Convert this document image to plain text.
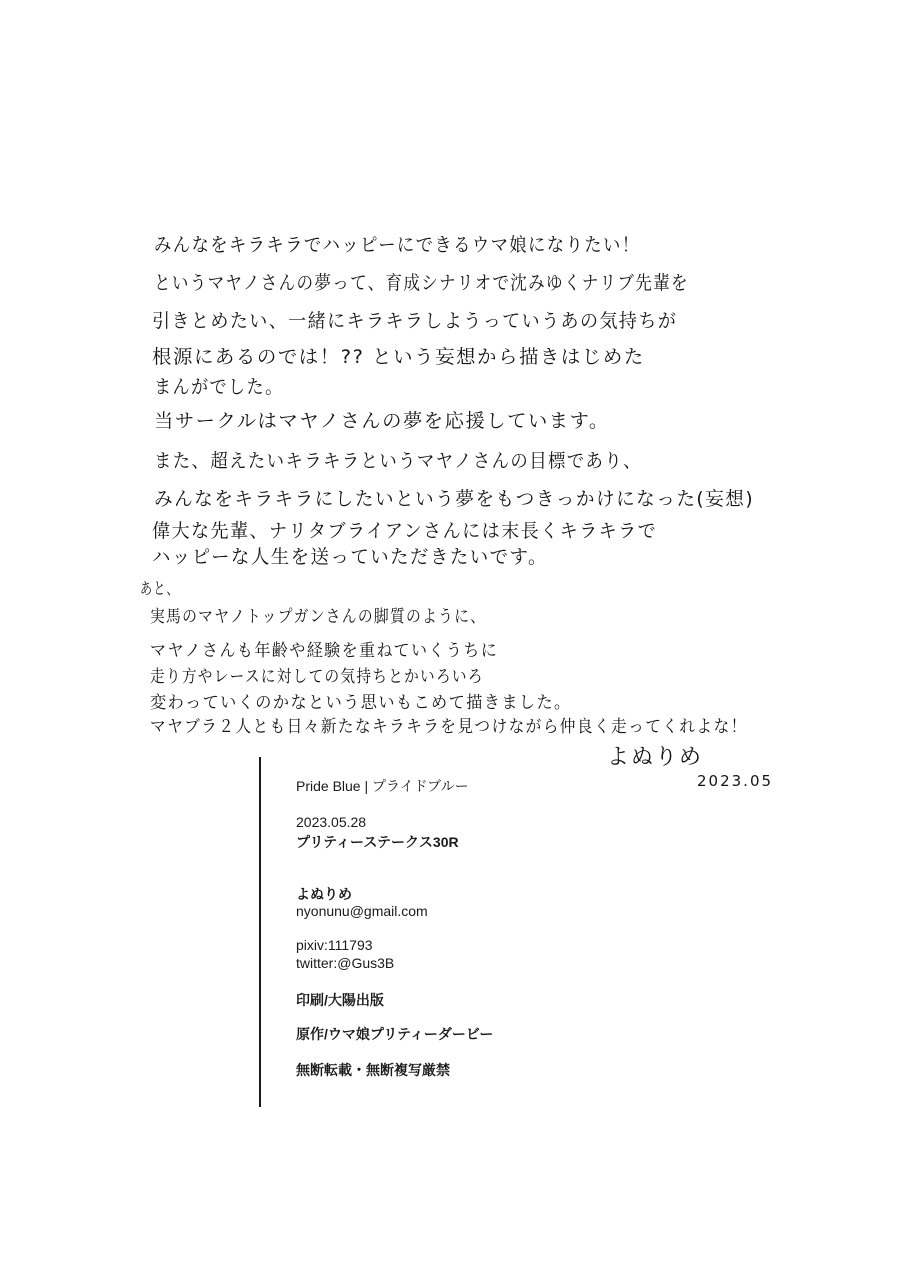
みんなをキラキラでハッピーにできるウマ娘になりたい！
というマヤノさんの夢って、育成シナリオで沈みゆくナリブ先輩を
引きとめたい、一緒にキラキラしようっていうあの気持ちが
根源にあるのでは！?? という妄想から描きはじめた
まんがでした。
当サークルはマヤノさんの夢を応援しています。
また、超えたいキラキラというマヤノさんの目標であり、
みんなをキラキラにしたいという夢をもつきっかけになった(妄想)
偉大な先輩、ナリタブライアンさんには末長くキラキラで
ハッピーな人生を送っていただきたいです。
あと、
実馬のマヤノトップガンさんの脚質のように、
マヤノさんも年齢や経験を重ねていくうちに
走り方やレースに対しての気持ちとかいろいろ
変わっていくのかなという思いもこめて描きました。
マヤブラ２人とも日々新たなキラキラを見つけながら仲良く走ってくれよな！
よぬりめ
2023.05
Pride Blue | プライドブルー
2023.05.28
プリティーステークス30R
よぬりめ
nyonunu@gmail.com
pixiv:111793
twitter:@Gus3B
印刷/大陽出版
原作/ウマ娘プリティーダービー
無断転載・無断複写厳禁
